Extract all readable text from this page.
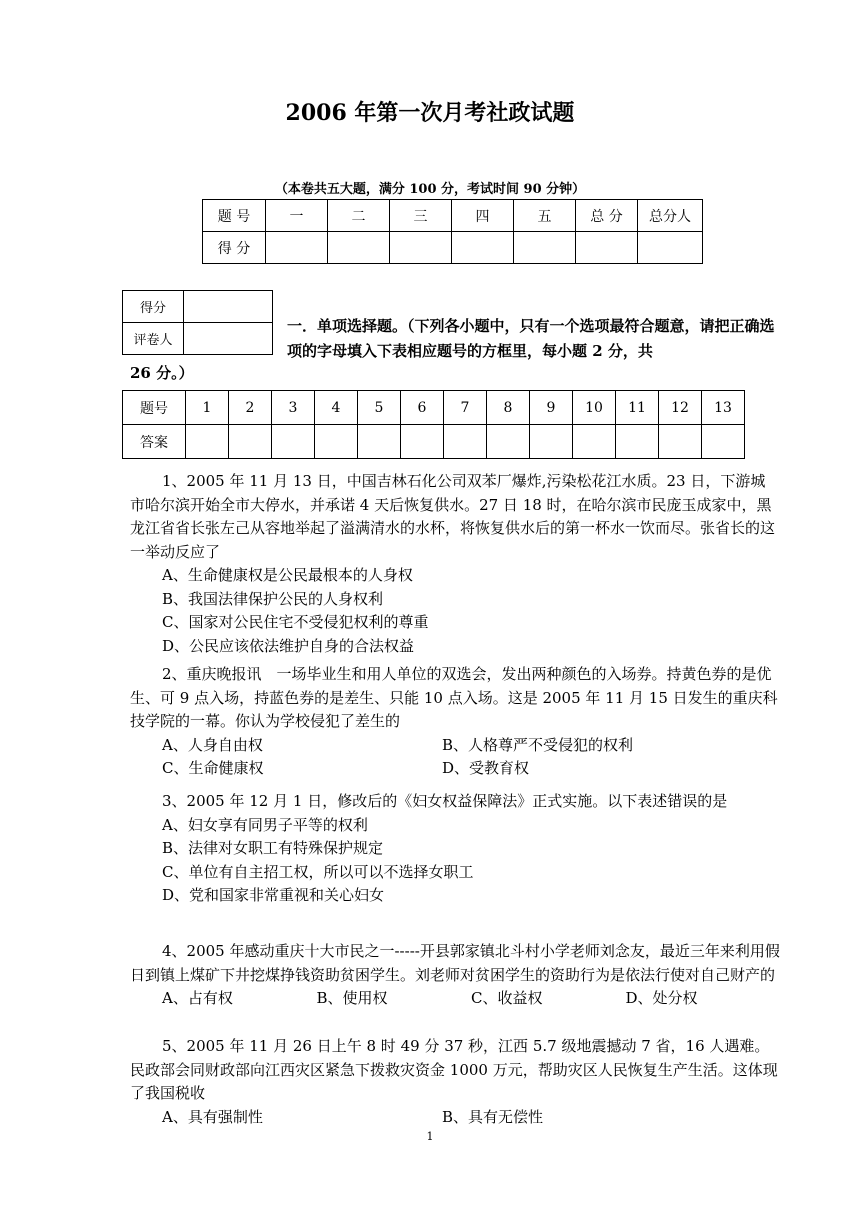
2006 年第一次月考社政试题
（本卷共五大题，满分 100 分，考试时间 90 分钟）
题 号	一	二	三	四	五	总 分	总分人
得 分							
得分	
评卷人	
一．单项选择题。（下列各小题中，只有一个选项最符合题意，请把正确选项的字母填入下表相应题号的方框里，每小题 2 分，共
26 分。）
题号	1	2	3	4	5	6	7	8	9	10	11	12	13
答案													
1、2005 年 11 月 13 日，中国吉林石化公司双苯厂爆炸,污染松花江水质。23 日，下游城市哈尔滨开始全市大停水，并承诺 4 天后恢复供水。27 日 18 时，在哈尔滨市民庞玉成家中，黑龙江省省长张左己从容地举起了溢满清水的水杯，将恢复供水后的第一杯水一饮而尽。张省长的这一举动反应了
A、生命健康权是公民最根本的人身权
B、我国法律保护公民的人身权利
C、国家对公民住宅不受侵犯权利的尊重
D、公民应该依法维护自身的合法权益
2、重庆晚报讯　一场毕业生和用人单位的双选会，发出两种颜色的入场券。持黄色券的是优生、可 9 点入场，持蓝色券的是差生、只能 10 点入场。这是 2005 年 11 月 15 日发生的重庆科技学院的一幕。你认为学校侵犯了差生的
A、人身自由权	B、人格尊严不受侵犯的权利
C、生命健康权	D、受教育权
3、2005 年 12 月 1 日，修改后的《妇女权益保障法》正式实施。以下表述错误的是
A、妇女享有同男子平等的权利
B、法律对女职工有特殊保护规定
C、单位有自主招工权，所以可以不选择女职工
D、党和国家非常重视和关心妇女
4、2005 年感动重庆十大市民之一-----开县郭家镇北斗村小学老师刘念友，最近三年来利用假日到镇上煤矿下井挖煤挣钱资助贫困学生。刘老师对贫困学生的资助行为是依法行使对自己财产的
A、占有权	B、使用权	C、收益权	D、处分权
5、2005 年 11 月 26 日上午 8 时 49 分 37 秒，江西 5.7 级地震撼动 7 省，16 人遇难。民政部会同财政部向江西灾区紧急下拨救灾资金 1000 万元，帮助灾区人民恢复生产生活。这体现了我国税收
A、具有强制性	B、具有无偿性
1
